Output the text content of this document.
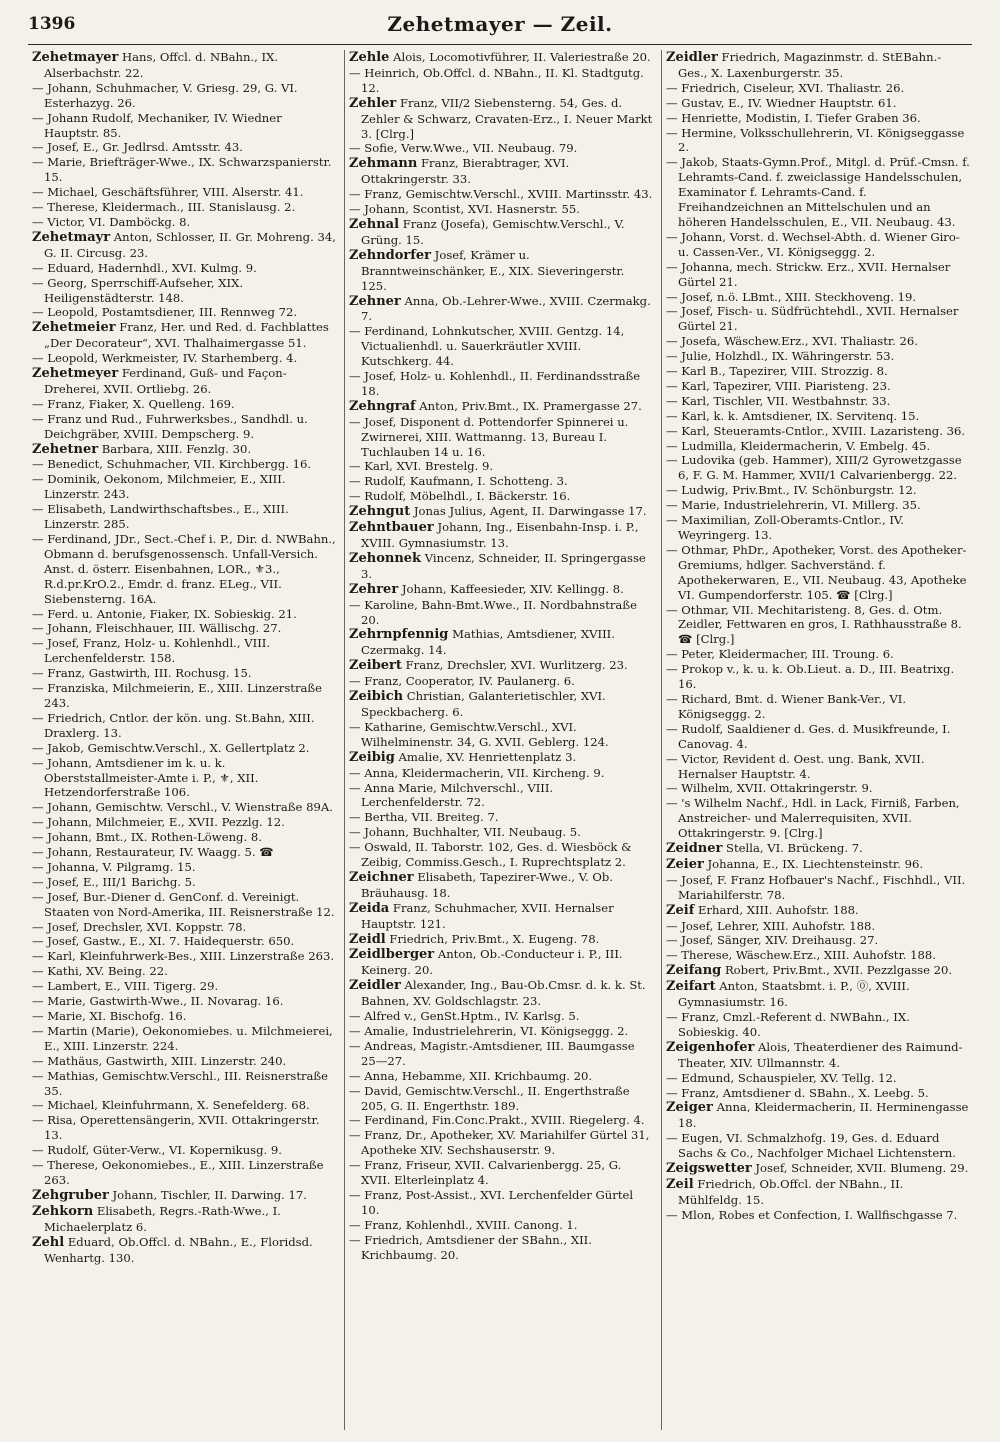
1396	Zehetmayer — Zeil.

Zehetmayer Hans, Offcl. d. NBahn., IX. Alserbachstr. 22.

— Johann, Schuhmacher, V. Griesg. 29, G. VI. Esterhazyg. 26.

— Johann Rudolf, Mechaniker, IV. Wiedner Hauptstr. 85.

— Josef, E., Gr. Jedlrsd. Amtsstr. 43.

— Marie, Briefträger-Wwe., IX. Schwarzspanierstr. 15.

— Michael, Geschäftsführer, VIII. Alserstr. 41.

— Therese, Kleidermach., III. Stanislausg. 2.

— Victor, VI. Damböckg. 8.

Zehetmayr Anton, Schlosser, II. Gr. Mohreng. 34, G. II. Circusg. 23.

— Eduard, Hadernhdl., XVI. Kulmg. 9.

— Georg, Sperrschiff-Aufseher, XIX. Heiligenstädterstr. 148.

— Leopold, Postamtsdiener, III. Rennweg 72.

Zehetmeier Franz, Her. und Red. d. Fachblattes „Der Decorateur“, XVI. Thalhaimergasse 51.

— Leopold, Werkmeister, IV. Starhemberg. 4.

Zehetmeyer Ferdinand, Guß- und Façon-Dreherei, XVII. Ortliebg. 26.

— Franz, Fiaker, X. Quelleng. 169.

— Franz und Rud., Fuhrwerksbes., Sandhdl. u. Deichgräber, XVIII. Dempscherg. 9.

Zehetner Barbara, XIII. Fenzlg. 30.

— Benedict, Schuhmacher, VII. Kirchbergg. 16.

— Dominik, Oekonom, Milchmeier, E., XIII. Linzerstr. 243.

— Elisabeth, Landwirthschaftsbes., E., XIII. Linzerstr. 285.

— Ferdinand, JDr., Sect.-Chef i. P., Dir. d. NWBahn., Obmann d. berufsgenossensch. Unfall-Versich. Anst. d. österr. Eisenbahnen, LOR., ⚜3., R.d.pr.KrO.2., Emdr. d. franz. ELeg., VII. Siebensterng. 16A.

— Ferd. u. Antonie, Fiaker, IX. Sobieskig. 21.

— Johann, Fleischhauer, III. Wällischg. 27.

— Josef, Franz, Holz- u. Kohlenhdl., VIII. Lerchenfelderstr. 158.

— Franz, Gastwirth, III. Rochusg. 15.

— Franziska, Milchmeierin, E., XIII. Linzerstraße 243.

— Friedrich, Cntlor. der kön. ung. St.Bahn, XIII. Draxlerg. 13.

— Jakob, Gemischtw.Verschl., X. Gellertplatz 2.

— Johann, Amtsdiener im k. u. k. Oberststallmeister-Amte i. P., ⚜, XII. Hetzendorferstraße 106.

— Johann, Gemischtw. Verschl., V. Wienstraße 89A.

— Johann, Milchmeier, E., XVII. Pezzlg. 12.

— Johann, Bmt., IX. Rothen-Löweng. 8.

— Johann, Restaurateur, IV. Waagg. 5. ☎

— Johanna, V. Pilgramg. 15.

— Josef, E., III/1 Barichg. 5.

— Josef, Bur.-Diener d. GenConf. d. Vereinigt. Staaten von Nord-Amerika, III. Reisnerstraße 12.

— Josef, Drechsler, XVI. Koppstr. 78.

— Josef, Gastw., E., XI. 7. Haidequerstr. 650.

— Karl, Kleinfuhrwerk-Bes., XIII. Linzerstraße 263.

— Kathi, XV. Being. 22.

— Lambert, E., VIII. Tigerg. 29.

— Marie, Gastwirth-Wwe., II. Novarag. 16.

— Marie, XI. Bischofg. 16.

— Martin (Marie), Oekonomiebes. u. Milchmeierei, E., XIII. Linzerstr. 224.

— Mathäus, Gastwirth, XIII. Linzerstr. 240.

— Mathias, Gemischtw.Verschl., III. Reisnerstraße 35.

— Michael, Kleinfuhrmann, X. Senefelderg. 68.

— Risa, Operettensängerin, XVII. Ottakringerstr. 13.

— Rudolf, Güter-Verw., VI. Kopernikusg. 9.

— Therese, Oekonomiebes., E., XIII. Linzerstraße 263.

Zehgruber Johann, Tischler, II. Darwing. 17.

Zehkorn Elisabeth, Regrs.-Rath-Wwe., I. Michaelerplatz 6.

Zehl Eduard, Ob.Offcl. d. NBahn., E., Floridsd. Wenhartg. 130.

Zehle Alois, Locomotivführer, II. Valeriestraße 20.

— Heinrich, Ob.Offcl. d. NBahn., II. Kl. Stadtgutg. 12.

Zehler Franz, VII/2 Siebensterng. 54, Ges. d. Zehler & Schwarz, Cravaten-Erz., I. Neuer Markt 3. [Clrg.]

— Sofie, Verw.Wwe., VII. Neubaug. 79.

Zehmann Franz, Bierabtrager, XVI. Ottakringerstr. 33.

— Franz, Gemischtw.Verschl., XVIII. Martinsstr. 43.

— Johann, Scontist, XVI. Hasnerstr. 55.

Zehnal Franz (Josefa), Gemischtw.Verschl., V. Grüng. 15.

Zehndorfer Josef, Krämer u. Branntweinschänker, E., XIX. Sieveringerstr. 125.

Zehner Anna, Ob.-Lehrer-Wwe., XVIII. Czermakg. 7.

— Ferdinand, Lohnkutscher, XVIII. Gentzg. 14, Victualienhdl. u. Sauerkräutler XVIII. Kutschkerg. 44.

— Josef, Holz- u. Kohlenhdl., II. Ferdinandsstraße 18.

Zehngraf Anton, Priv.Bmt., IX. Pramergasse 27.

— Josef, Disponent d. Pottendorfer Spinnerei u. Zwirnerei, XIII. Wattmanng. 13, Bureau I. Tuchlauben 14 u. 16.

— Karl, XVI. Brestelg. 9.

— Rudolf, Kaufmann, I. Schotteng. 3.

— Rudolf, Möbelhdl., I. Bäckerstr. 16.

Zehngut Jonas Julius, Agent, II. Darwingasse 17.

Zehntbauer Johann, Ing., Eisenbahn-Insp. i. P., XVIII. Gymnasiumstr. 13.

Zehonnek Vincenz, Schneider, II. Springergasse 3.

Zehrer Johann, Kaffeesieder, XIV. Kellingg. 8.

— Karoline, Bahn-Bmt.Wwe., II. Nordbahnstraße 20.

Zehrnpfennig Mathias, Amtsdiener, XVIII. Czermakg. 14.

Zeibert Franz, Drechsler, XVI. Wurlitzerg. 23.

— Franz, Cooperator, IV. Paulanerg. 6.

Zeibich Christian, Galanterietischler, XVI. Speckbacherg. 6.

— Katharine, Gemischtw.Verschl., XVI. Wilhelminenstr. 34, G. XVII. Geblerg. 124.

Zeibig Amalie, XV. Henriettenplatz 3.

— Anna, Kleidermacherin, VII. Kircheng. 9.

— Anna Marie, Milchverschl., VIII. Lerchenfelderstr. 72.

— Bertha, VII. Breiteg. 7.

— Johann, Buchhalter, VII. Neubaug. 5.

— Oswald, II. Taborstr. 102, Ges. d. Wiesböck & Zeibig, Commiss.Gesch., I. Ruprechtsplatz 2.

Zeichner Elisabeth, Tapezirer-Wwe., V. Ob. Bräuhausg. 18.

Zeida Franz, Schuhmacher, XVII. Hernalser Hauptstr. 121.

Zeidl Friedrich, Priv.Bmt., X. Eugeng. 78.

Zeidlberger Anton, Ob.-Conducteur i. P., III. Keinerg. 20.

Zeidler Alexander, Ing., Bau-Ob.Cmsr. d. k. k. St. Bahnen, XV. Goldschlagstr. 23.

— Alfred v., GenSt.Hptm., IV. Karlsg. 5.

— Amalie, Industrielehrerin, VI. Königseggg. 2.

— Andreas, Magistr.-Amtsdiener, III. Baumgasse 25—27.

— Anna, Hebamme, XII. Krichbaumg. 20.

— David, Gemischtw.Verschl., II. Engerthstraße 205, G. II. Engerthstr. 189.

— Ferdinand, Fin.Conc.Prakt., XVIII. Riegelerg. 4.

— Franz, Dr., Apotheker, XV. Mariahilfer Gürtel 31, Apotheke XIV. Sechshauserstr. 9.

— Franz, Friseur, XVII. Calvarienbergg. 25, G. XVII. Elterleinplatz 4.

— Franz, Post-Assist., XVI. Lerchenfelder Gürtel 10.

— Franz, Kohlenhdl., XVIII. Canong. 1.

— Friedrich, Amtsdiener der SBahn., XII. Krichbaumg. 20.

Zeidler Friedrich, Magazinmstr. d. StEBahn.-Ges., X. Laxenburgerstr. 35.

— Friedrich, Ciseleur, XVI. Thaliastr. 26.

— Gustav, E., IV. Wiedner Hauptstr. 61.

— Henriette, Modistin, I. Tiefer Graben 36.

— Hermine, Volksschullehrerin, VI. Königseggasse 2.

— Jakob, Staats-Gymn.Prof., Mitgl. d. Prüf.-Cmsn. f. Lehramts-Cand. f. zweiclassige Handelsschulen, Examinator f. Lehramts-Cand. f. Freihandzeichnen an Mittelschulen und an höheren Handelsschulen, E., VII. Neubaug. 43.

— Johann, Vorst. d. Wechsel-Abth. d. Wiener Giro- u. Cassen-Ver., VI. Königseggg. 2.

— Johanna, mech. Strickw. Erz., XVII. Hernalser Gürtel 21.

— Josef, n.ö. LBmt., XIII. Steckhoveng. 19.

— Josef, Fisch- u. Südfrüchtehdl., XVII. Hernalser Gürtel 21.

— Josefa, Wäschew.Erz., XVI. Thaliastr. 26.

— Julie, Holzhdl., IX. Währingerstr. 53.

— Karl B., Tapezirer, VIII. Strozzig. 8.

— Karl, Tapezirer, VIII. Piaristeng. 23.

— Karl, Tischler, VII. Westbahnstr. 33.

— Karl, k. k. Amtsdiener, IX. Servitenq. 15.

— Karl, Steueramts-Cntlor., XVIII. Lazaristeng. 36.

— Ludmilla, Kleidermacherin, V. Embelg. 45.

— Ludovika (geb. Hammer), XIII/2 Gyrowetzgasse 6, F. G. M. Hammer, XVII/1 Calvarienbergg. 22.

— Ludwig, Priv.Bmt., IV. Schönburgstr. 12.

— Marie, Industrielehrerin, VI. Millerg. 35.

— Maximilian, Zoll-Oberamts-Cntlor., IV. Weyringerg. 13.

— Othmar, PhDr., Apotheker, Vorst. des Apotheker-Gremiums, hdlger. Sachverständ. f. Apothekerwaren, E., VII. Neubaug. 43, Apotheke VI. Gumpendorferstr. 105. ☎ [Clrg.]

— Othmar, VII. Mechitaristeng. 8, Ges. d. Otm. Zeidler, Fettwaren en gros, I. Rathhausstraße 8. ☎ [Clrg.]

— Peter, Kleidermacher, III. Troung. 6.

— Prokop v., k. u. k. Ob.Lieut. a. D., III. Beatrixg. 16.

— Richard, Bmt. d. Wiener Bank-Ver., VI. Königseggg. 2.

— Rudolf, Saaldiener d. Ges. d. Musikfreunde, I. Canovag. 4.

— Victor, Revident d. Oest. ung. Bank, XVII. Hernalser Hauptstr. 4.

— Wilhelm, XVII. Ottakringerstr. 9.

— 's Wilhelm Nachf., Hdl. in Lack, Firniß, Farben, Anstreicher- und Malerrequisiten, XVII. Ottakringerstr. 9. [Clrg.]

Zeidner Stella, VI. Brückeng. 7.

Zeier Johanna, E., IX. Liechtensteinstr. 96.

— Josef, F. Franz Hofbauer's Nachf., Fischhdl., VII. Mariahilferstr. 78.

Zeif Erhard, XIII. Auhofstr. 188.

— Josef, Lehrer, XIII. Auhofstr. 188.

— Josef, Sänger, XIV. Dreihausg. 27.

— Therese, Wäschew.Erz., XIII. Auhofstr. 188.

Zeifang Robert, Priv.Bmt., XVII. Pezzlgasse 20.

Zeifart Anton, Staatsbmt. i. P., ⓪, XVIII. Gymnasiumstr. 16.

— Franz, Cmzl.-Referent d. NWBahn., IX. Sobieskig. 40.

Zeigenhofer Alois, Theaterdiener des Raimund-Theater, XIV. Ullmannstr. 4.

— Edmund, Schauspieler, XV. Tellg. 12.

— Franz, Amtsdiener d. SBahn., X. Leebg. 5.

Zeiger Anna, Kleidermacherin, II. Herminengasse 18.

— Eugen, VI. Schmalzhofg. 19, Ges. d. Eduard Sachs & Co., Nachfolger Michael Lichtenstern.

Zeigswetter Josef, Schneider, XVII. Blumeng. 29.

Zeil Friedrich, Ob.Offcl. der NBahn., II. Mühlfeldg. 15.

— Mlon, Robes et Confection, I. Wallfischgasse 7.
